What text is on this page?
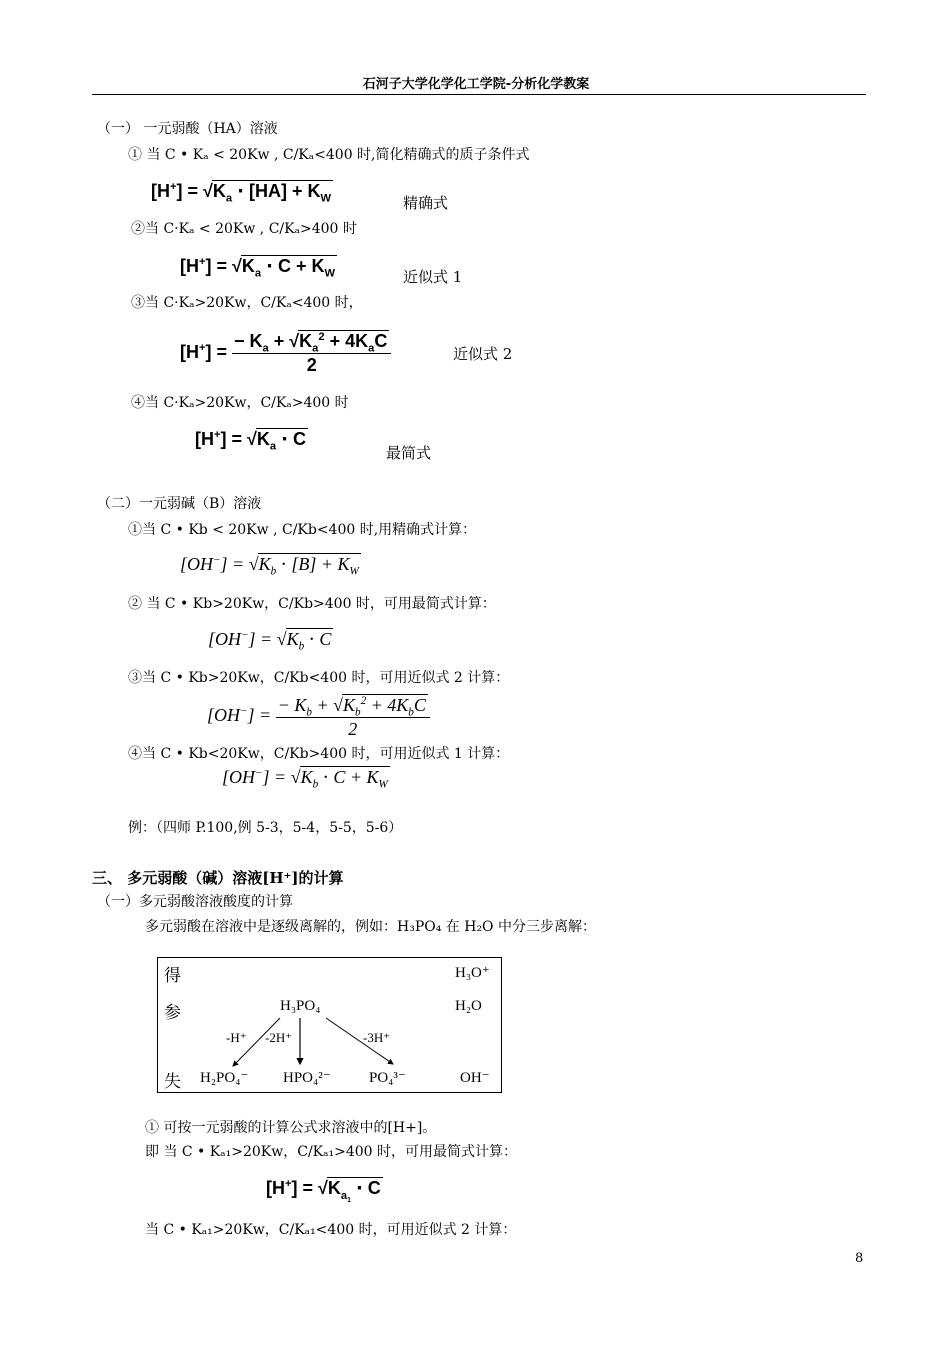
石河子大学化学化工学院-分析化学教案
（一） 一元弱酸（HA）溶液
① 当 C • Kₐ < 20Kᴡ , C/Kₐ<400 时,简化精确式的质子条件式
$[H^+] = √K_a \cdot [HA] + K_W$	精确式
②当 C·Kₐ < 20Kᴡ , C/Kₐ>400 时
$[H^+] = √K_a \cdot C + K_W$	近似式 1
③当 C·Kₐ>20Kᴡ，C/Kₐ<400 时，
$[H^+] = \frac{- K_a + √K_a^2 + 4K_aC}{2}$	近似式 2
④当 C·Kₐ>20Kᴡ，C/Kₐ>400 时
$[H^+] = √K_a \cdot C$
最简式
（二）一元弱碱（B）溶液
①当 C • Kb < 20Kᴡ , C/Kb<400 时,用精确式计算：
$[OH^-] = √K_b \cdot [B] + K_W$
② 当 C • Kb>20Kw，C/Kb>400 时，可用最简式计算：
$[OH^-] = √K_b \cdot C$
③当 C • Kb>20Kw，C/Kb<400 时，可用近似式 2 计算：
$[OH^-] = \frac{- K_b + √K_b^2 + 4K_bC}{2}$
④当 C • Kb<20Kw，C/Kb>400 时，可用近似式 1 计算：
$[OH^-] = √K_b \cdot C + K_W$
例：（四师 P.100,例 5-3，5-4，5-5，5-6）
三、 多元弱酸（碱）溶液[H⁺]的计算
（一）多元弱酸溶液酸度的计算
多元弱酸在溶液中是逐级离解的，例如：H₃PO₄ 在 H₂O 中分三步离解：
得
参
失
H₃O⁺
H₃PO₄	H₂O
-H⁺ -2H⁺	-3H⁺
H₂PO₄⁻ HPO₄²⁻	PO₄³⁻	OH⁻
① 可按一元弱酸的计算公式求溶液中的[H+]。
即 当 C • Kₐ₁>20Kᴡ，C/Kₐ₁>400 时，可用最简式计算：
$[H^+] = √K_{a_1} \cdot C$
当 C • Kₐ₁>20Kᴡ，C/Kₐ₁<400 时，可用近似式 2 计算：
8
